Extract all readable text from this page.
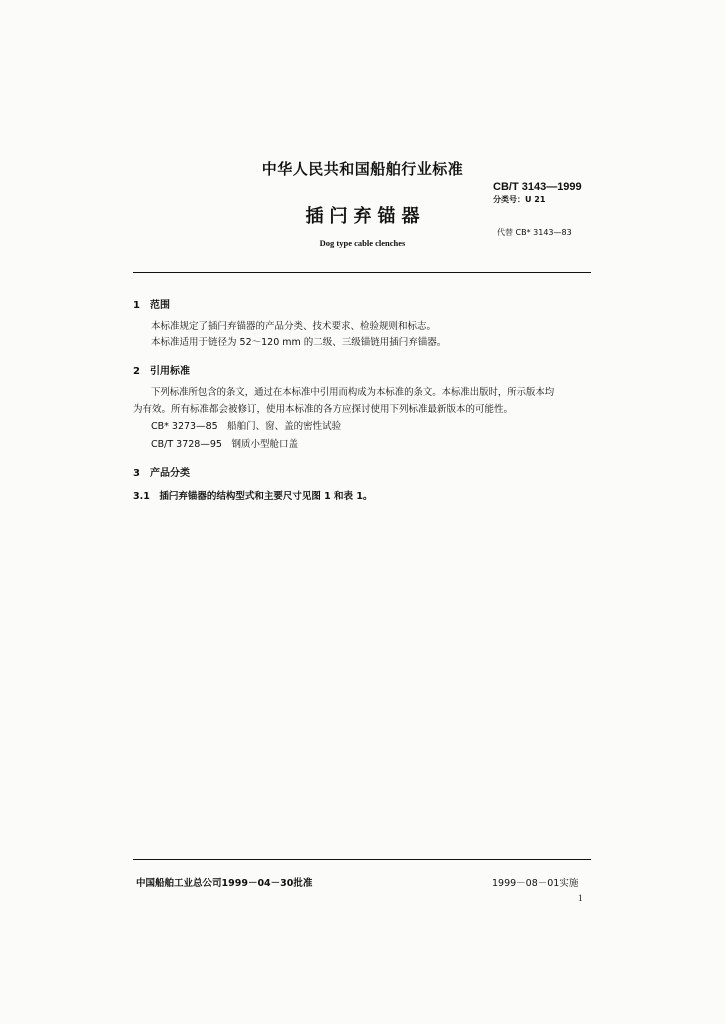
中华人民共和国船舶行业标准
CB/T 3143—1999
分类号：U 21
插闩弃锚器
代替 CB* 3143—83
Dog type cable clenches
1　范围
本标准规定了插闩弃锚器的产品分类、技术要求、检验规则和标志。
本标准适用于链径为 52～120 mm 的二级、三级锚链用插闩弃锚器。
2　引用标准
下列标准所包含的条文，通过在本标准中引用而构成为本标准的条文。本标准出版时，所示版本均
为有效。所有标准都会被修订，使用本标准的各方应探讨使用下列标准最新版本的可能性。
CB* 3273—85　船舶门、窗、盖的密性试验
CB/T 3728—95　钢质小型舱口盖
3　产品分类
3.1　插闩弃锚器的结构型式和主要尺寸见图 1 和表 1。
中国船舶工业总公司1999－04－30批准	1999－08－01实施
1
